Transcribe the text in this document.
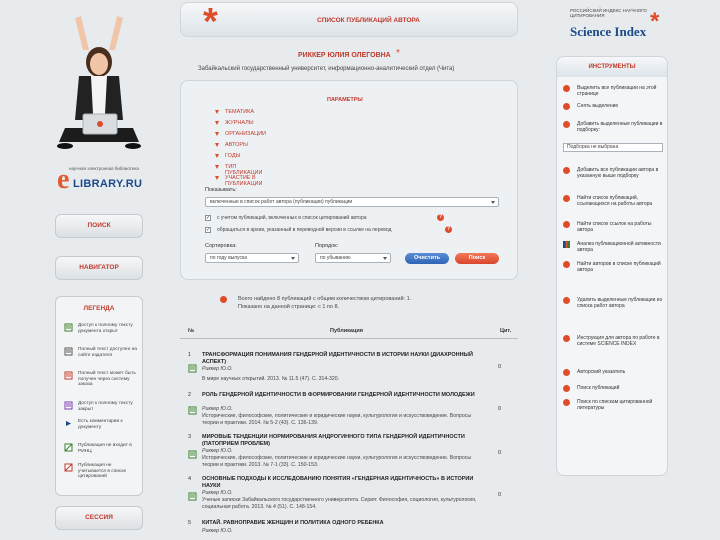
e научная электронная библиотека
LIBRARY.RU
ПОИСК
НАВИГАТОР
ЛЕГЕНДА
Доступ к полному тексту документа открыт
Полный текст доступен на сайте издателя
Полный текст может быть получен через систему заказа
Доступ к полному тексту закрыт
Есть комментарии к документу
Публикация не входит в РИНЦ
Публикация не учитывается в списке цитирований
СЕССИЯ
*	СПИСОК ПУБЛИКАЦИЙ АВТОРА
РИККЕР ЮЛИЯ ОЛЕГОВНА *
Забайкальский государственный университет, информационно-аналитический отдел (Чита)
ПАРАМЕТРЫ
ТЕМАТИКА
ЖУРНАЛЫ
ОРГАНИЗАЦИИ
АВТОРЫ
ГОДЫ
ТИП ПУБЛИКАЦИИ
УЧАСТИЕ В ПУБЛИКАЦИИ
Показывать:
включенные в список работ автора (публикации) публикации
✓ с учетом публикаций, включенных в список цитирований автора	?
✓ обращаться в архив, указанный в переводной версии в ссылке на перевод	?
Сортировка:
по году выпуска
Порядок:
по убыванию	Очистить	Поиск
Всего найдено 8 публикаций с общим количеством цитирований: 1.
Показано на данной странице: с 1 по 8.
№	Публикация	Цит.
1 ТРАНСФОРМАЦИЯ ПОНИМАНИЯ ГЕНДЕРНОЙ ИДЕНТИЧНОСТИ В ИСТОРИИ НАУКИ (ДИАХРОННЫЙ АСПЕКТ)
Риккер Ю.О.
В мире научных открытий. 2013. № 11.5 (47). С. 314-320.
0
2 РОЛЬ ГЕНДЕРНОЙ ИДЕНТИЧНОСТИ В ФОРМИРОВАНИИ ГЕНДЕРНОЙ ИДЕНТИЧНОСТИ МОЛОДЕЖИ
Риккер Ю.О.
Исторические, философские, политические и юридические науки, культурология и искусствоведение. Вопросы теории и практики. 2014. № 5-2 (43). С. 136-139.
0
3 МИРОВЫЕ ТЕНДЕНЦИИ НОРМИРОВАНИЯ АНДРОГИННОГО ТИПА ГЕНДЕРНОЙ ИДЕНТИЧНОСТИ (ПАТОПРИЕМ ПРОБЛЕМ)
Риккер Ю.О.
Исторические, философские, политические и юридические науки, культурология и искусствоведение. Вопросы теории и практики. 2013. № 7-1 (33). С. 150-153.
0
4 ОСНОВНЫЕ ПОДХОДЫ К ИССЛЕДОВАНИЮ ПОНЯТИЯ «ГЕНДЕРНАЯ ИДЕНТИЧНОСТЬ» В ИСТОРИИ НАУКИ
Риккер Ю.О.
Ученые записки Забайкальского государственного университета. Серия: Философия, социология, культурология, социальная работа. 2013. № 4 (51). С. 148-154.
0
5 КИТАЙ. РАВНОПРАВИЕ ЖЕНЩИН И ПОЛИТИКА ОДНОГО РЕБЕНКА
Риккер Ю.О.
РОССИЙСКИЙ ИНДЕКС НАУЧНОГО ЦИТИРОВАНИЯ
Science Index *
ИНСТРУМЕНТЫ
Выделить все публикации на этой странице
Снять выделение
Добавить выделенные публикации в подборку:
Подборка не выбрана
Добавить все публикации автора в указанную выше подборку
Найти список публикаций, ссылающихся на работы автора
Найти список ссылок на работы автора
Анализ публикационной активности автора
Найти авторов в списке публикаций автора
Удалить выделенные публикации из списка работ автора
Инструкция для автора по работе в системе SCIENCE INDEX
Авторский указатель
Поиск публикаций
Поиск по спискам цитированной литературы
